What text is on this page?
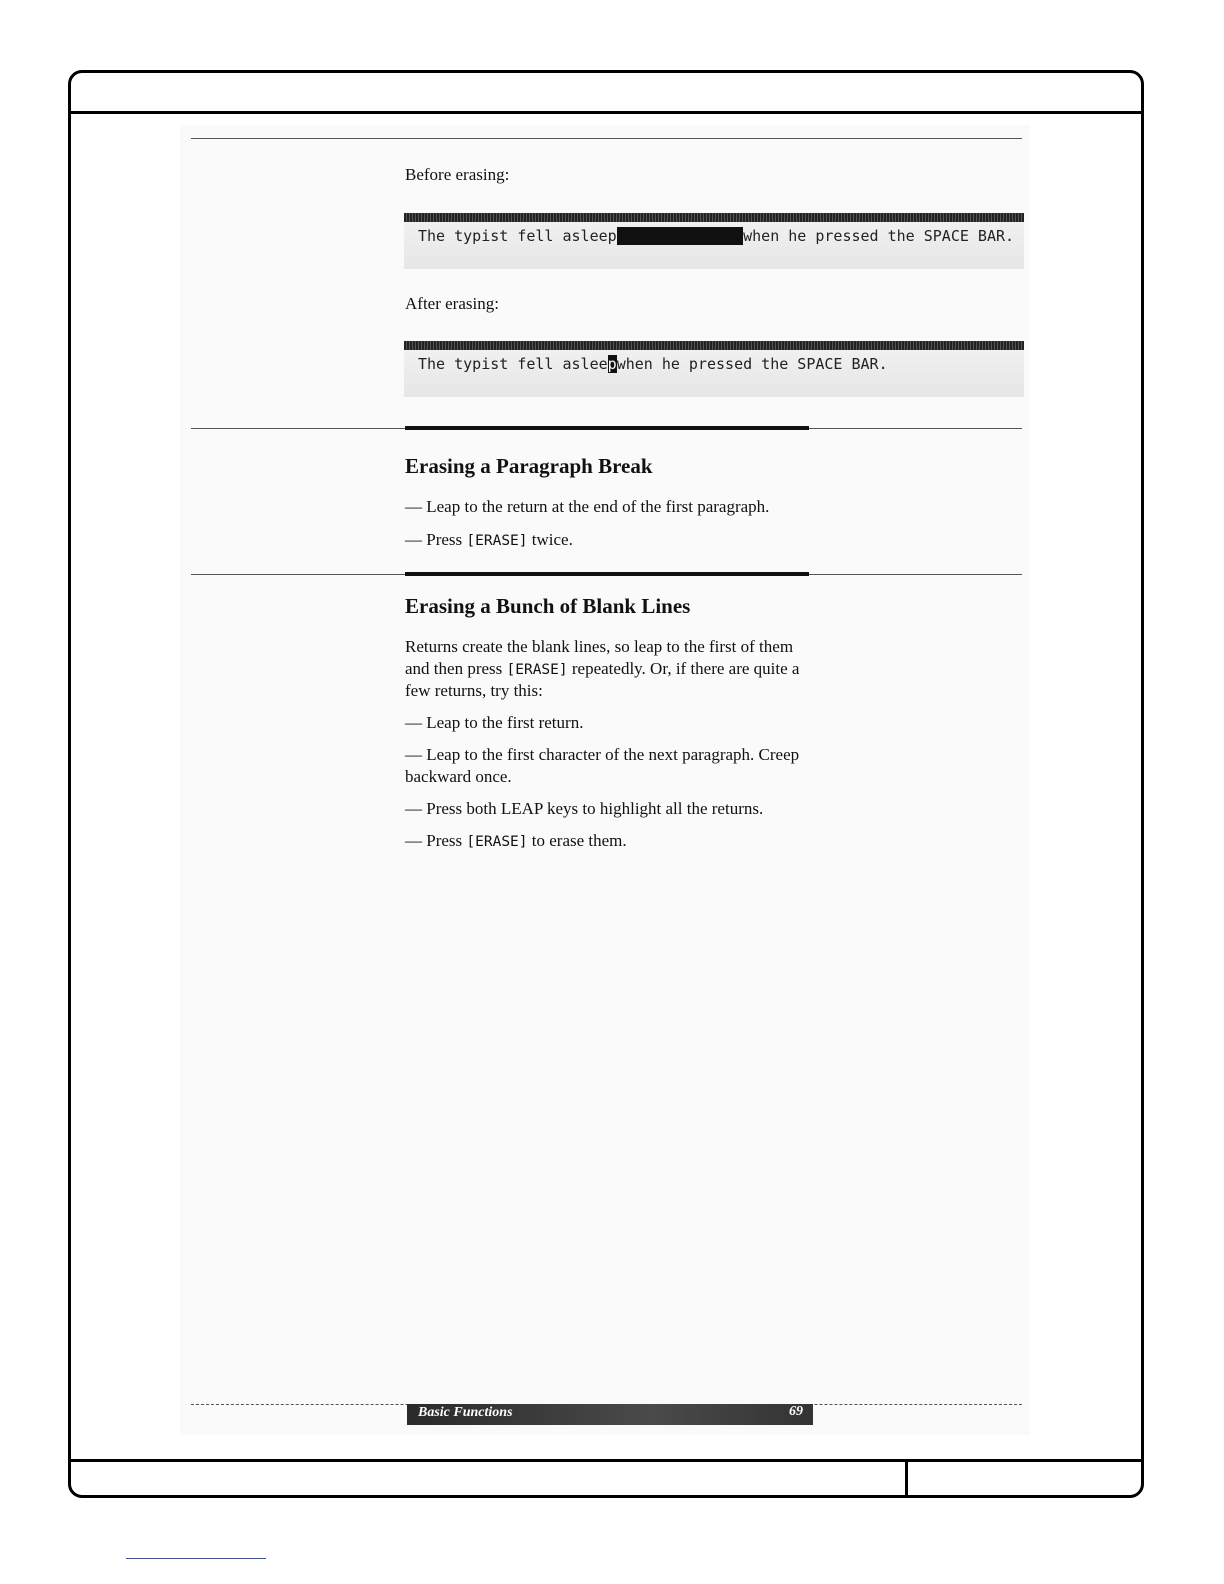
Before erasing:
The typist fell asleep	when he pressed the SPACE BAR.
After erasing:
The typist fell asleepwhen he pressed the SPACE BAR.
Erasing a Paragraph Break
— Leap to the return at the end of the first paragraph.
— Press [ERASE] twice.
Erasing a Bunch of Blank Lines
Returns create the blank lines, so leap to the first of them
and then press [ERASE] repeatedly. Or, if there are quite a
few returns, try this:
— Leap to the first return.
— Leap to the first character of the next paragraph. Creep
backward once.
— Press both LEAP keys to highlight all the returns.
— Press [ERASE] to erase them.
Basic Functions	69
